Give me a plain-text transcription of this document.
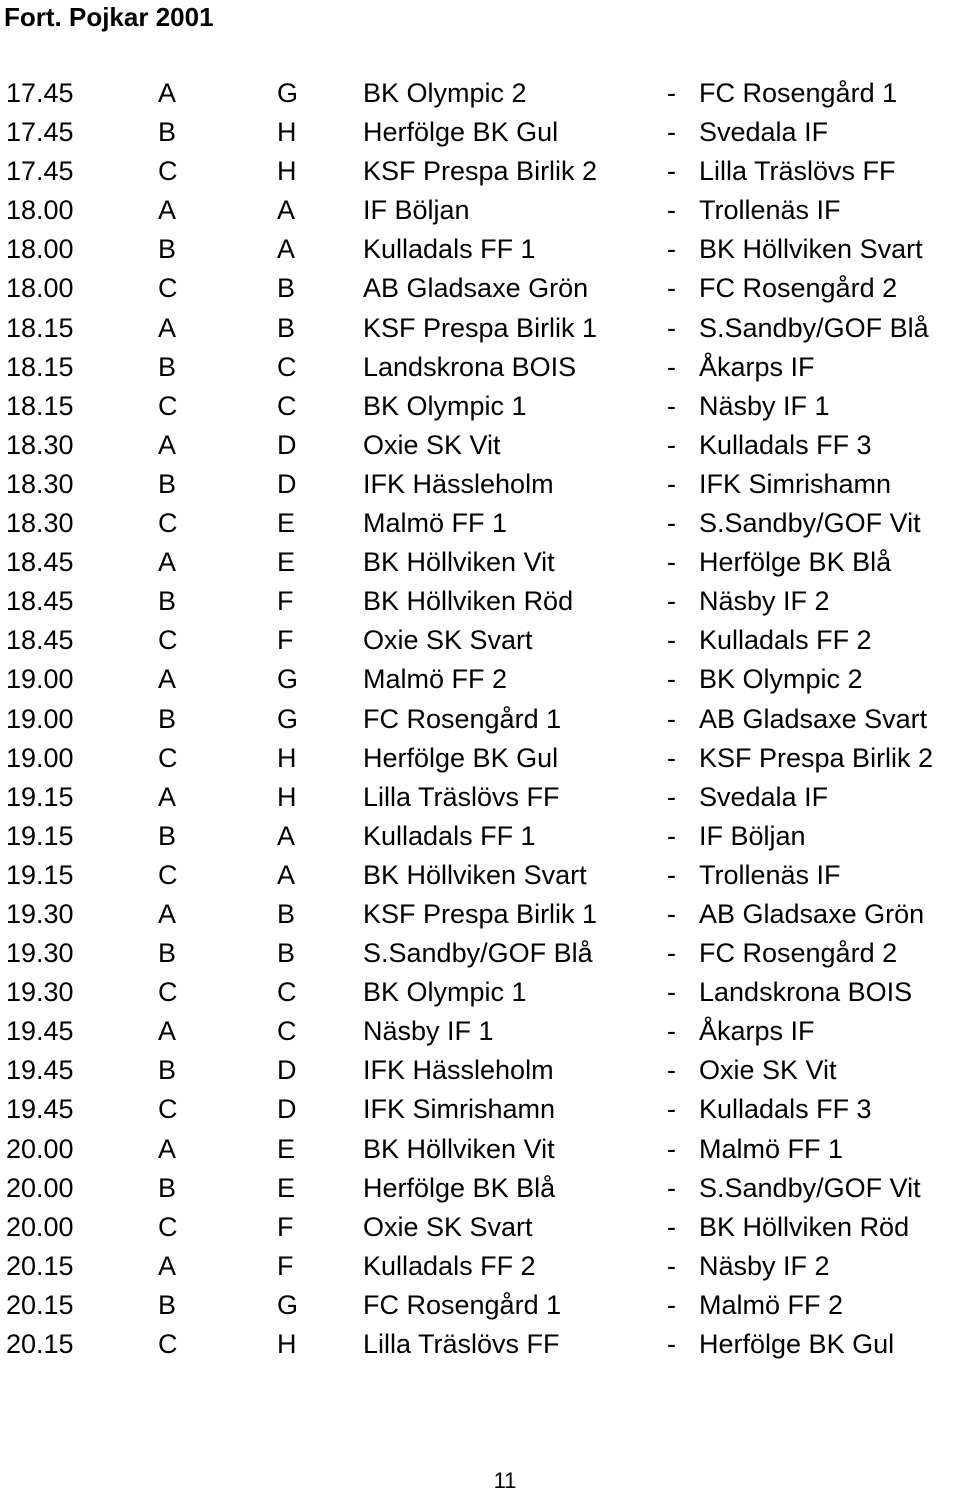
Fort. Pojkar 2001
17.45	A	G BK Olympic 2	- FC Rosengård 1
17.45	B	H Herfölge BK Gul	- Svedala IF
17.45	C	H KSF Prespa Birlik 2	- Lilla Träslövs FF
18.00	A	A	IF Böljan	- Trollenäs IF
18.00	B	A	Kulladals FF 1	- BK Höllviken Svart
18.00	C	B	AB Gladsaxe Grön	- FC Rosengård 2
18.15	A	B	KSF Prespa Birlik 1	- S.Sandby/GOF Blå
18.15	B	C Landskrona BOIS	- Åkarps IF
18.15	C	C BK Olympic 1	- Näsby IF 1
18.30	A	D Oxie SK Vit	- Kulladals FF 3
18.30	B	D IFK Hässleholm	- IFK Simrishamn
18.30	C	E	Malmö FF 1	- S.Sandby/GOF Vit
18.45	A	E	BK Höllviken Vit	- Herfölge BK Blå
18.45	B	F	BK Höllviken Röd	- Näsby IF 2
18.45	C	F	Oxie SK Svart	- Kulladals FF 2
19.00	A	G Malmö FF 2	- BK Olympic 2
19.00	B	G FC Rosengård 1	- AB Gladsaxe Svart
19.00	C	H Herfölge BK Gul	- KSF Prespa Birlik 2
19.15	A	H Lilla Träslövs FF	- Svedala IF
19.15	B	A	Kulladals FF 1	- IF Böljan
19.15	C	A	BK Höllviken Svart	- Trollenäs IF
19.30	A	B	KSF Prespa Birlik 1	- AB Gladsaxe Grön
19.30	B	B	S.Sandby/GOF Blå	- FC Rosengård 2
19.30	C	C BK Olympic 1	- Landskrona BOIS
19.45	A	C Näsby IF 1	- Åkarps IF
19.45	B	D IFK Hässleholm	- Oxie SK Vit
19.45	C	D IFK Simrishamn	- Kulladals FF 3
20.00	A	E	BK Höllviken Vit	- Malmö FF 1
20.00	B	E	Herfölge BK Blå	- S.Sandby/GOF Vit
20.00	C	F	Oxie SK Svart	- BK Höllviken Röd
20.15	A	F	Kulladals FF 2	- Näsby IF 2
20.15	B	G FC Rosengård 1	- Malmö FF 2
20.15	C	H Lilla Träslövs FF	- Herfölge BK Gul
11
